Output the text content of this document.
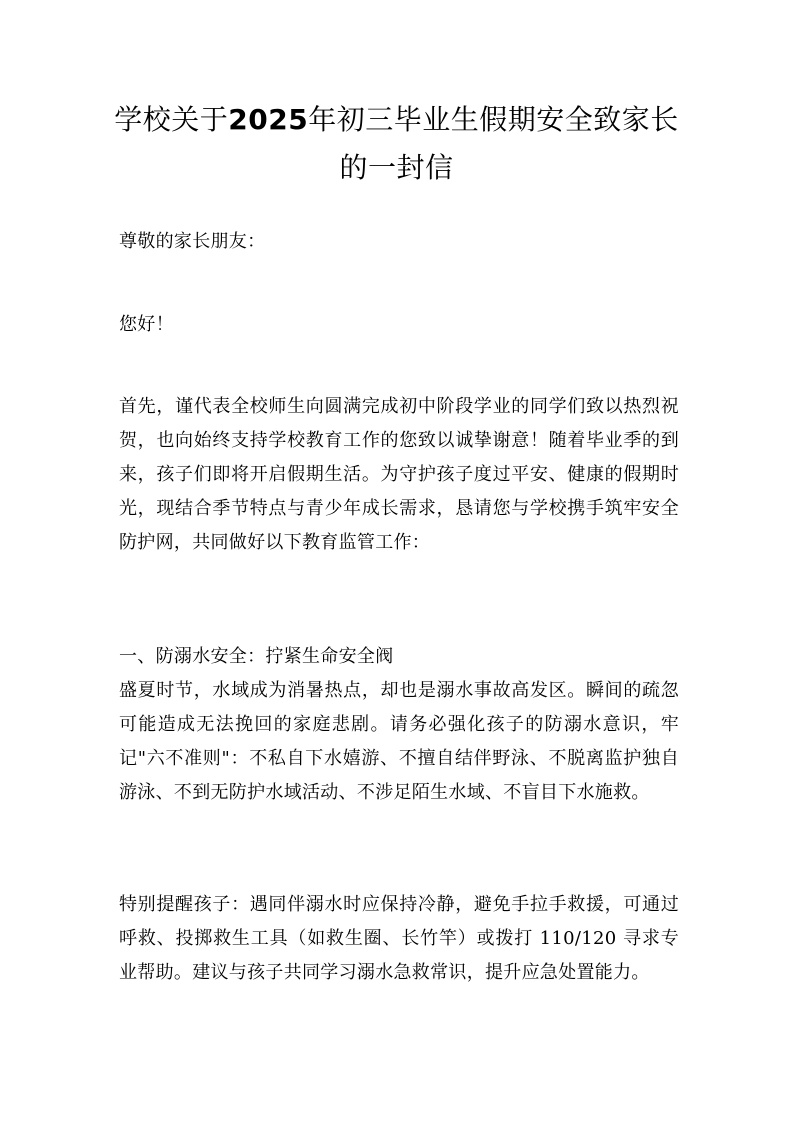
学校关于2025年初三毕业生假期安全致家长的一封信

尊敬的家长朋友：

您好！

首先，谨代表全校师生向圆满完成初中阶段学业的同学们致以热烈祝贺，也向始终支持学校教育工作的您致以诚挚谢意！随着毕业季的到来，孩子们即将开启假期生活。为守护孩子度过平安、健康的假期时光，现结合季节特点与青少年成长需求，恳请您与学校携手筑牢安全防护网，共同做好以下教育监管工作：

一、防溺水安全：拧紧生命安全阀

盛夏时节，水域成为消暑热点，却也是溺水事故高发区。瞬间的疏忽可能造成无法挽回的家庭悲剧。请务必强化孩子的防溺水意识，牢记"六不准则"：不私自下水嬉游、不擅自结伴野泳、不脱离监护独自游泳、不到无防护水域活动、不涉足陌生水域、不盲目下水施救。

特别提醒孩子：遇同伴溺水时应保持冷静，避免手拉手救援，可通过呼救、投掷救生工具（如救生圈、长竹竿）或拨打 110/120 寻求专业帮助。建议与孩子共同学习溺水急救常识，提升应急处置能力。
